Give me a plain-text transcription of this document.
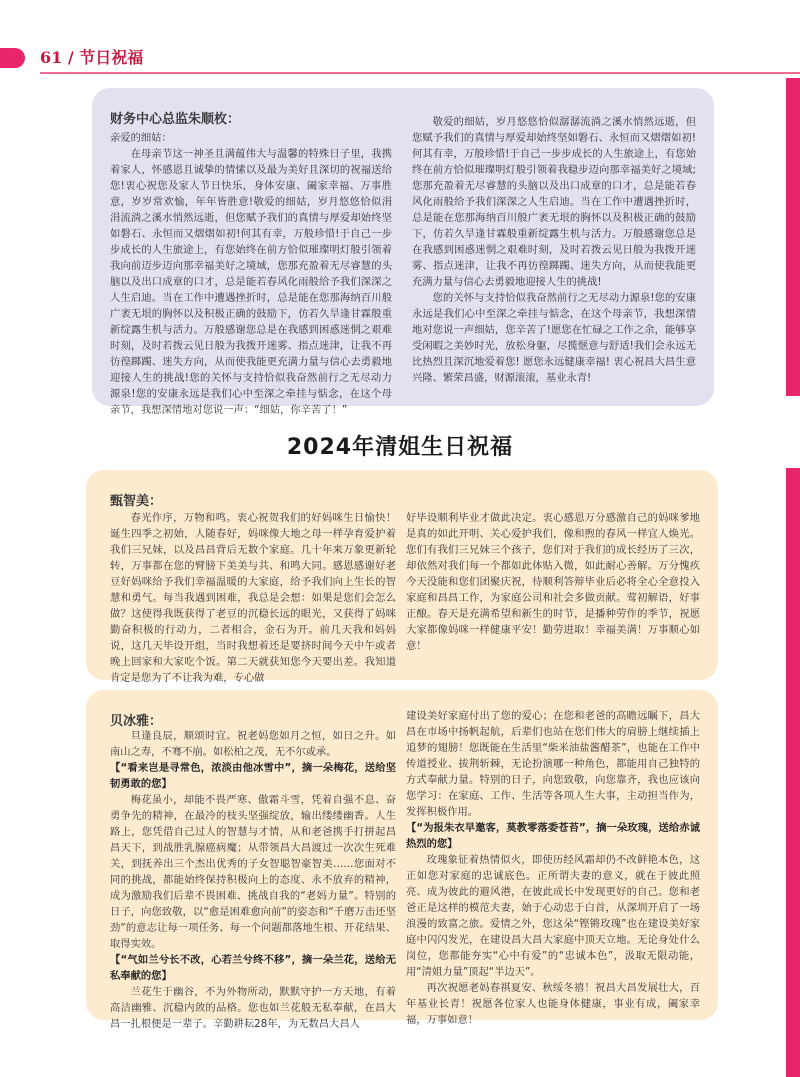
61 / 节日祝福
财务中心总监朱顺枚：

亲爱的细姑：

在母亲节这一神圣且满蕴伟大与温馨的特殊日子里，我携着家人，怀感恩且诚挚的情愫以及最为美好且深切的祝福送给您!衷心祝您及家人节日快乐，身体安康、阖家幸福、万事胜意，岁岁常欢愉，年年皆胜意!敬爱的细姑，岁月悠悠恰似涓涓流淌之溪水悄然远逝，但您赋予我们的真情与厚爱却始终坚如磐石、永恒而又熠熠如初!何其有幸，万般珍惜!于自己一步步成长的人生旅途上，有您始终在前方恰似璀璨明灯般引领着我向前迈步迈向那幸福美好之境域，您那充盈着无尽睿慧的头脑以及出口成章的口才，总是能若春风化雨般给予我们深深之人生启迪。当在工作中遭遇挫折时，总是能在您那海纳百川般广袤无垠的胸怀以及积极正确的鼓励下，仿若久旱逢甘霖般重新绽露生机与活力。万般感谢您总是在我感到困惑迷惘之艰难时刻，及时若拨云见日般为我拨开迷雾、指点迷津，让我不再彷徨踯躅、迷失方向，从而使我能更充满力量与信心去勇毅地迎接人生的挑战!您的关怀与支持恰似我奋然前行之无尽动力源泉!您的安康永远是我们心中至深之牵挂与惦念，在这个母亲节，我想深情地对您说一声：“细姑，你辛苦了！”

敬爱的细姑，岁月悠悠恰似潺潺流淌之溪水悄然远逝，但您赋予我们的真情与厚爱却始终坚如磐石、永恒而又熠熠如初!何其有幸，万般珍惜!于自己一步步成长的人生旅途上，有您始终在前方恰似璀璨明灯般引领着我稳步迈向那幸福美好之境域;您那充盈着无尽睿慧的头脑以及出口成章的口才，总是能若春风化雨般给予我们深深之人生启迪。当在工作中遭遇挫折时，总是能在您那海纳百川般广袤无垠的胸怀以及积极正确的鼓励下，仿若久旱逢甘霖般重新绽露生机与活力。万般感谢您总是在我感到困惑迷惘之艰难时刻，及时若拨云见日般为我拨开迷雾、指点迷津，让我不再彷徨踯躅、迷失方向，从而使我能更充满力量与信心去勇毅地迎接人生的挑战!

您的关怀与支持恰似我奋然前行之无尽动力源泉!您的安康永远是我们心中至深之牵挂与惦念，在这个母亲节，我想深情地对您说一声细姑，您辛苦了!愿您在忙碌之工作之余，能够享受闲暇之美妙时光，放松身躯，尽揽惬意与舒适!我们会永远无比热烈且深沉地爱着您! 愿您永远健康幸福! 衷心祝昌大昌生意兴隆、繁荣昌盛，财源滚滚，基业永青!

2024年清姐生日祝福
甄智美：

春光作序，万物和鸣。衷心祝贺我们的好妈咪生日愉快！诞生四季之初始，人随春好，妈咪像大地之母一样孕育爱护着我们三兄妹，以及昌昌背后无数个家庭。几十年来万象更新轮转，万事都在您的臂膀下美美与共、和鸣大同。感恩感谢好老豆好妈咪给予我们幸福温暖的大家庭，给予我们向上生长的智慧和勇气。每当我遇到困难，我总是会想：如果是您们会怎么做？这使得我既获得了老豆的沉稳长远的眼光，又获得了妈咪勤奋积极的行动力，二者相合，金石为开。前几天我和妈妈说，这几天毕设开组，当时我想着还是要挤时间今天中午或者晚上回家和大家吃个饭。第二天就获知您今天要出差。我知道肯定是您为了不让我为难，专心做

好毕设顺利毕业才做此决定。衷心感恩万分感激自己的妈咪爹地是真的如此开明、关心爱护我们，像和煦的春风一样宜人焕光。您们有我们三兄妹三个孩子，您们对于我们的成长经历了三次，却依然对我们每一个都如此体贴入微，如此耐心善解。万分愧疚今天没能和您们团聚庆祝，待顺利答辩毕业后必将全心全意投入家庭和昌昌工作，为家庭公司和社会多做贡献。莺初解语，好事正酿。春天是充满希望和新生的时节，是播种劳作的季节，祝愿大家都像妈咪一样健康平安！勤劳进取！幸福美满！万事顺心如意！

贝冰雅：

旦逢良辰，顺颂时宜。祝老妈您如月之恒，如日之升。如南山之寿，不骞不崩。如松柏之茂，无不尔或承。

【“看来岂是寻常色，浓淡由他冰雪中”，摘一朵梅花，送给坚韧勇敢的您】

梅花虽小，却能不畏严寒、傲霜斗雪，凭着自强不息、奋勇争先的精神，在最冷的枝头坚强绽放，输出缕缕幽香。人生路上，您凭借自己过人的智慧与才情，从和老爸携手打拼起昌昌天下，到战胜乳腺癌病魔；从带领昌大昌渡过一次次生死难关，到抚养出三个杰出优秀的子女智聪智豪智美……您面对不同的挑战，都能始终保持积极向上的态度、永不放弃的精神，成为激励我们后辈不畏困难、挑战自我的“老妈力量”。特别的日子，向您致敬，以“愈是困难愈向前”的姿态和“千磨万击还坚劲”的意志让每一项任务、每一个问题都落地生根、开花结果、取得实效。

【“气如兰兮长不改，心若兰兮终不移”，摘一朵兰花，送给无私奉献的您】

兰花生于幽谷，不为外物所动，默默守护一方天地，有着高洁幽雅、沉稳内敛的品格。您也如兰花般无私奉献，在昌大昌一扎根便是一辈子。辛勤耕耘28年，为无数昌大昌人

建设美好家庭付出了您的爱心；在您和老爸的高瞻远瞩下，昌大昌在市场中扬帆起航，后辈们也站在您们伟大的肩膀上继续插上追梦的翅膀！您既能在生活里“柴米油盐酱醋茶”，也能在工作中传道授业、拔荆斩棘，无论扮演哪一种角色，都能用自己独特的方式奉献力量。特别的日子，向您致敬，向您靠齐，我也应该向您学习：在家庭、工作、生活等各项人生大事，主动担当作为，发挥积极作用。

【“为报朱衣早邀客，莫教零落委苍苔”，摘一朵玫瑰，送给赤诚热烈的您】

玫瑰象征着热情似火，即使历经风霜却仍不改鲜艳本色，这正如您对家庭的忠诚底色。正所谓夫妻的意义，就在于彼此照亮、成为彼此的避风港，在彼此成长中发现更好的自己。您和老爸正是这样的模范夫妻，始于心动忠于白首，从深圳开启了一场浪漫的致富之旅。爱情之外，您这朵“铿锵玫瑰”也在建设美好家庭中闪闪发光，在建设昌大昌大家庭中顶天立地。无论身处什么岗位，您都能夯实“心中有爱”的“忠诚本色”，汲取无限动能，用“清姐力量”顶起“半边天”。

再次祝愿老妈春祺夏安、秋绥冬禧！祝昌大昌发展壮大，百年基业长青！祝愿各位家人也能身体健康，事业有成，阖家幸福，万事如意！
